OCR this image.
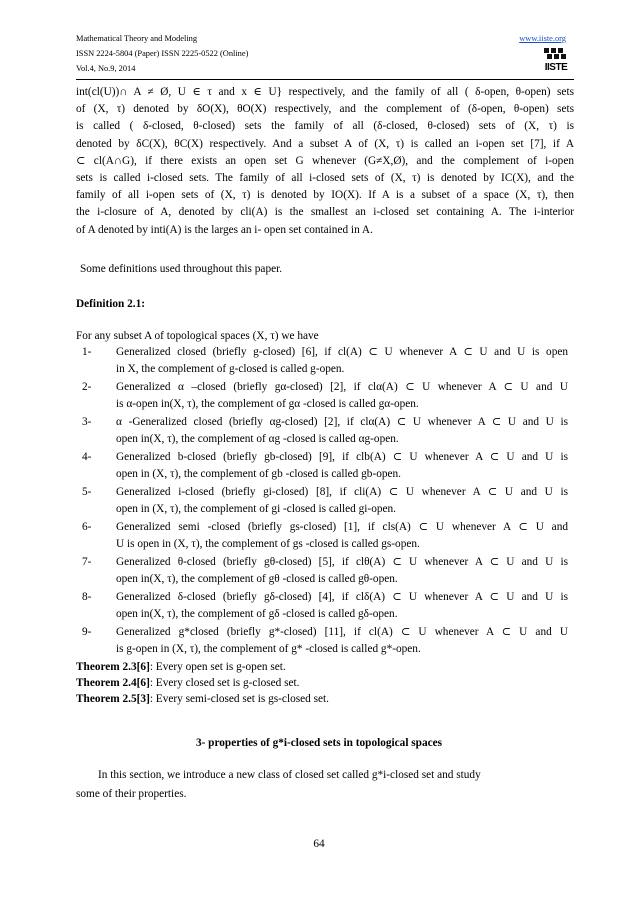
Mathematical Theory and Modeling
ISSN 2224-5804 (Paper) ISSN 2225-0522 (Online)
Vol.4, No.9, 2014
www.iiste.org
IISTE
int(cl(U))∩ A ≠ Ø, U ∈ τ and x ∈ U} respectively, and the family of all ( δ-open, θ-open) sets
of (X, τ) denoted by δO(X), θO(X) respectively, and the complement of (δ-open, θ-open) sets
is called ( δ-closed, θ-closed) sets the family of all (δ-closed, θ-closed) sets of (X, τ) is
denoted by δC(X), θC(X) respectively. And a subset A of (X, τ) is called an i-open set [7], if A
⊂ cl(A∩G), if there exists an open set G whenever (G≠X,Ø), and the complement of i-open
sets is called i-closed sets. The family of all i-closed sets of (X, τ) is denoted by IC(X), and the
family of all i-open sets of (X, τ) is denoted by IO(X). If A is a subset of a space (X, τ), then
the i-closure of A, denoted by cli(A) is the smallest an i-closed set containing A. The i-interior
of A denoted by inti(A) is the larges an i- open set contained in A.
Some definitions used throughout this paper.
Definition 2.1:
For any subset A of topological spaces (X, τ) we have
1-	Generalized closed (briefly g-closed) [6], if cl(A) ⊂ U whenever A ⊂ U and U is open
in X, the complement of g-closed is called g-open.
2-	Generalized α –closed (briefly gα-closed) [2], if clα(A) ⊂ U whenever A ⊂ U and U
is α-open in(X, τ), the complement of gα -closed is called gα-open.
3-	α -Generalized closed (briefly αg-closed) [2], if clα(A) ⊂ U whenever A ⊂ U and U is
open in(X, τ), the complement of αg -closed is called αg-open.
4-	Generalized b-closed (briefly gb-closed) [9], if clb(A) ⊂ U whenever A ⊂ U and U is
open in (X, τ), the complement of gb -closed is called gb-open.
5-	Generalized i-closed (briefly gi-closed) [8], if cli(A) ⊂ U whenever A ⊂ U and U is
open in (X, τ), the complement of gi -closed is called gi-open.
6-	Generalized semi -closed (briefly gs-closed) [1], if cls(A) ⊂ U whenever A ⊂ U and
U is open in (X, τ), the complement of gs -closed is called gs-open.
7-	Generalized θ-closed (briefly gθ-closed) [5], if clθ(A) ⊂ U whenever A ⊂ U and U is
open in(X, τ), the complement of gθ -closed is called gθ-open.
8-	Generalized δ-closed (briefly gδ-closed) [4], if clδ(A) ⊂ U whenever A ⊂ U and U is
open in(X, τ), the complement of gδ -closed is called gδ-open.
9-	Generalized g*closed (briefly g*-closed) [11], if cl(A) ⊂ U whenever A ⊂ U and U
is g-open in (X, τ), the complement of g* -closed is called g*-open.
Theorem 2.3[6]: Every open set is g-open set.
Theorem 2.4[6]: Every closed set is g-closed set.
Theorem 2.5[3]: Every semi-closed set is gs-closed set.
3- properties of g*i-closed sets in topological spaces
In this section, we introduce a new class of closed set called g*i-closed set and study
some of their properties.
64
